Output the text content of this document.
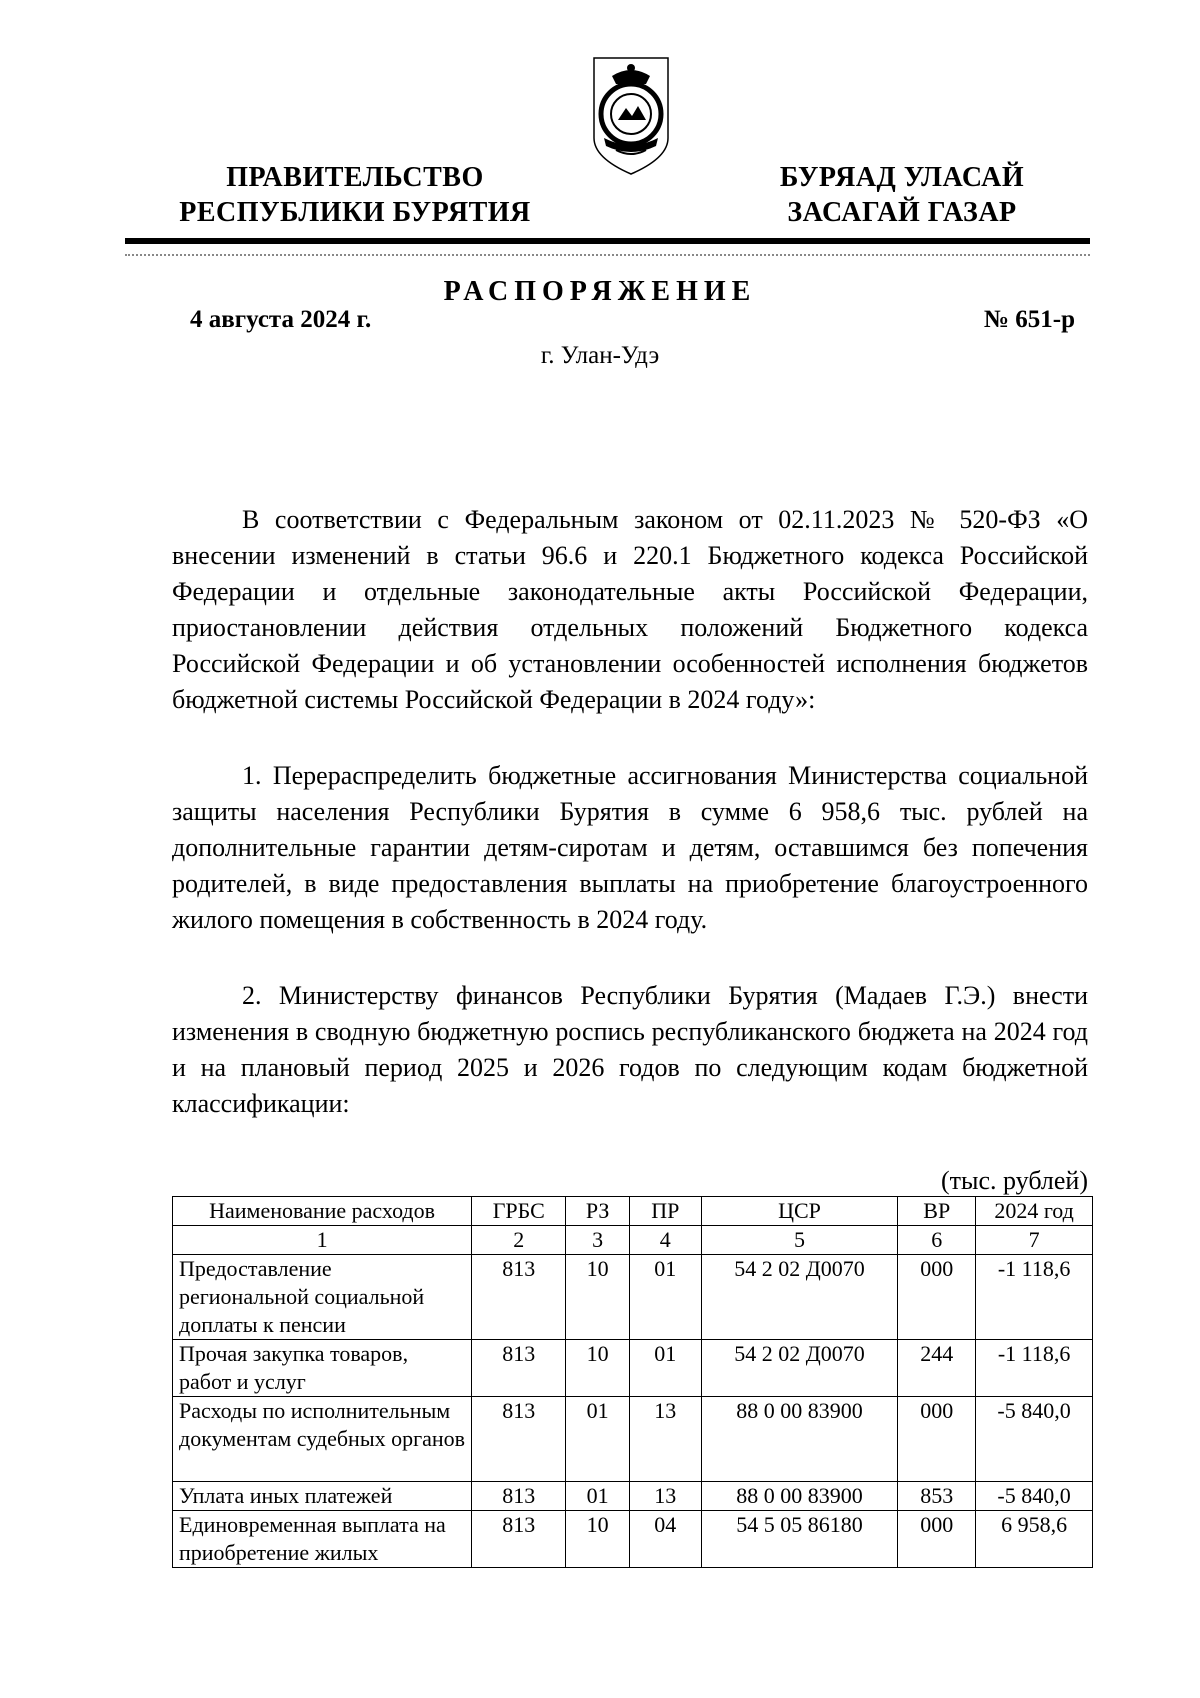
ПРАВИТЕЛЬСТВО
РЕСПУБЛИКИ БУРЯТИЯ
БУРЯАД УЛАСАЙ
ЗАСАГАЙ ГАЗАР
РАСПОРЯЖЕНИЕ
4 августа 2024 г.	№ 651-р
г. Улан-Удэ

В соответствии с Федеральным законом от 02.11.2023 № 520-ФЗ «О внесении изменений в статьи 96.6 и 220.1 Бюджетного кодекса Российской Федерации и отдельные законодательные акты Российской Федерации, приостановлении действия отдельных положений Бюджетного кодекса Российской Федерации и об установлении особенностей исполнения бюджетов бюджетной системы Российской Федерации в 2024 году»:

1. Перераспределить бюджетные ассигнования Министерства социальной защиты населения Республики Бурятия в сумме 6 958,6 тыс. рублей на дополнительные гарантии детям-сиротам и детям, оставшимся без попечения родителей, в виде предоставления выплаты на приобретение благоустроенного жилого помещения в собственность в 2024 году.

2. Министерству финансов Республики Бурятия (Мадаев Г.Э.) внести изменения в сводную бюджетную роспись республиканского бюджета на 2024 год и на плановый период 2025 и 2026 годов по следующим кодам бюджетной классификации:

(тыс. рублей)
Наименование расходов	ГРБС	РЗ	ПР	ЦСР	ВР	2024 год
1	2	3	4	5	6	7
Предоставление региональной социальной доплаты к пенсии	813	10	01	54 2 02 Д0070	000	-1 118,6
Прочая закупка товаров, работ и услуг	813	10	01	54 2 02 Д0070	244	-1 118,6
Расходы по исполнительным документам судебных органов	813	01	13	88 0 00 83900	000	-5 840,0
Уплата иных платежей	813	01	13	88 0 00 83900	853	-5 840,0
Единовременная выплата на приобретение жилых	813	10	04	54 5 05 86180	000	6 958,6
